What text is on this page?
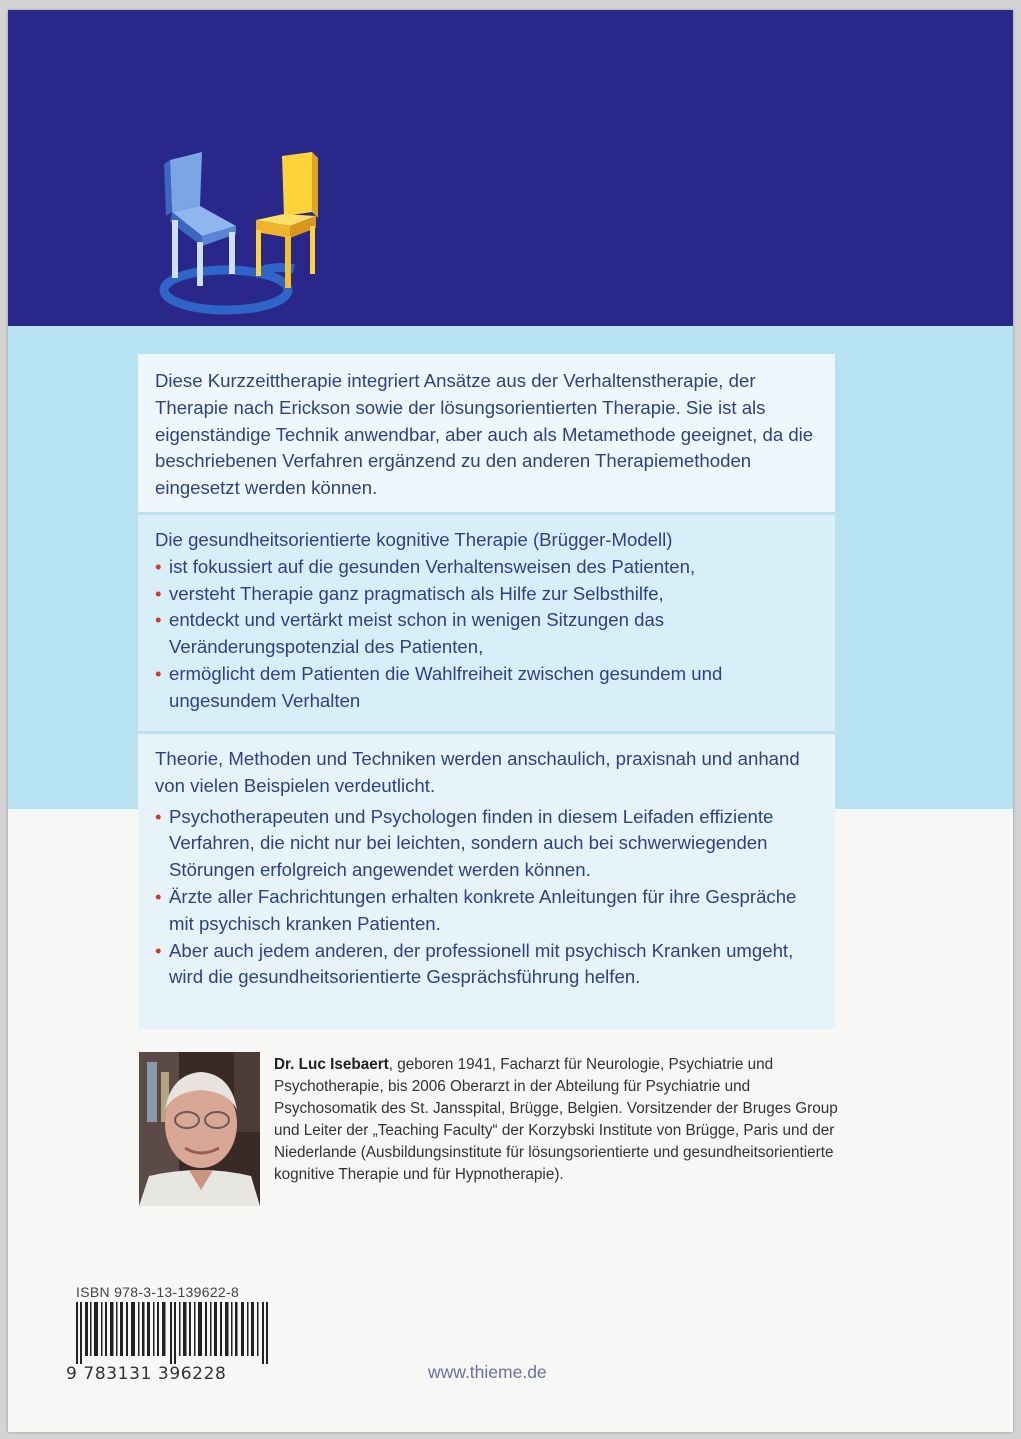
Diese Kurzzeittherapie integriert Ansätze aus der Verhaltenstherapie, der Therapie nach Erickson sowie der lösungsorientierten Therapie. Sie ist als eigenständige Technik anwendbar, aber auch als Metamethode geeignet, da die beschriebenen Verfahren ergänzend zu den anderen Therapiemethoden eingesetzt werden können.

Die gesundheitsorientierte kognitive Therapie (Brügger-Modell)

• ist fokussiert auf die gesunden Verhaltensweisen des Patienten,
• versteht Therapie ganz pragmatisch als Hilfe zur Selbsthilfe,
• entdeckt und vertärkt meist schon in wenigen Sitzungen das Veränderungspotenzial des Patienten,
• ermöglicht dem Patienten die Wahlfreiheit zwischen gesundem und ungesundem Verhalten

Theorie, Methoden und Techniken werden anschaulich, praxisnah und anhand von vielen Beispielen verdeutlicht.

• Psychotherapeuten und Psychologen finden in diesem Leifaden effiziente Verfahren, die nicht nur bei leichten, sondern auch bei schwerwiegenden Störungen erfolgreich angewendet werden können.
• Ärzte aller Fachrichtungen erhalten konkrete Anleitungen für ihre Gespräche mit psychisch kranken Patienten.
• Aber auch jedem anderen, der professionell mit psychisch Kranken umgeht, wird die gesundheitsorientierte Gesprächsführung helfen.
Dr. Luc Isebaert, geboren 1941, Facharzt für Neurologie, Psychiatrie und Psychotherapie, bis 2006 Oberarzt in der Abteilung für Psychiatrie und Psychosomatik des St. Jansspital, Brügge, Belgien. Vorsitzender der Bruges Group und Leiter der „Teaching Faculty“ der Korzybski Institute von Brügge, Paris und der Niederlande (Ausbildungsinstitute für lösungsorientierte und gesundheitsorientierte kognitive Therapie und für Hypnotherapie).
ISBN 978-3-13-139622-8
9 783131 396228	www.thieme.de
